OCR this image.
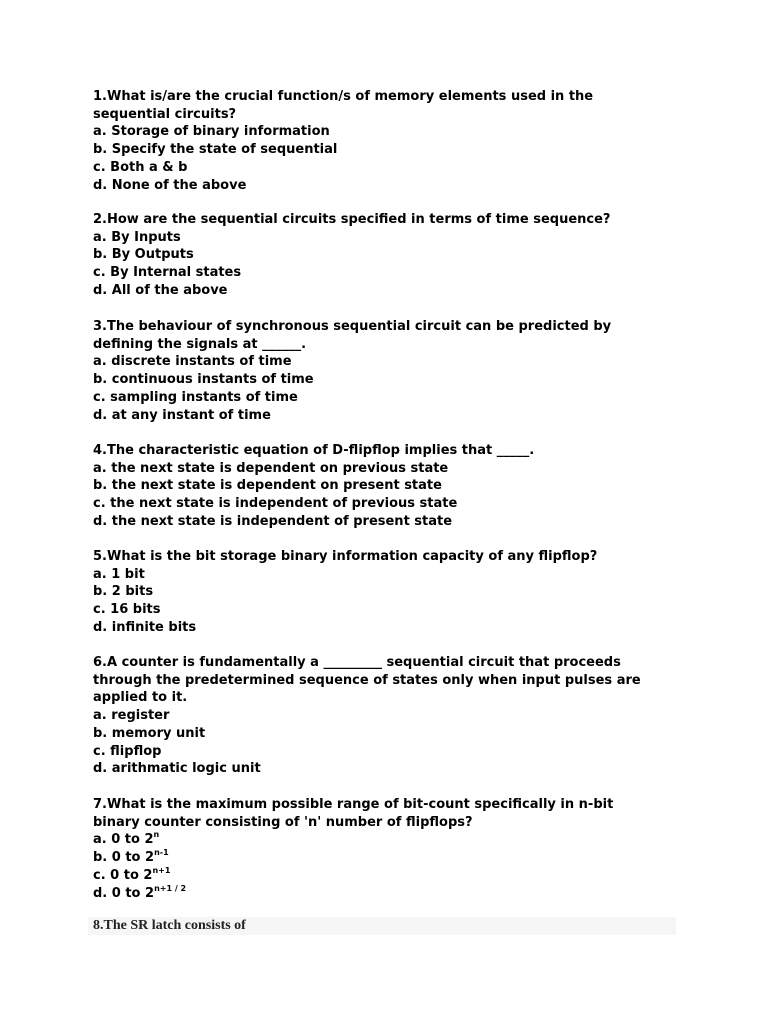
1.What is/are the crucial function/s of memory elements used in the
sequential circuits?
a. Storage of binary information
b. Specify the state of sequential
c. Both a & b
d. None of the above
2.How are the sequential circuits specified in terms of time sequence?
a. By Inputs
b. By Outputs
c. By Internal states
d. All of the above
3.The behaviour of synchronous sequential circuit can be predicted by
defining the signals at ______.
a. discrete instants of time
b. continuous instants of time
c. sampling instants of time
d. at any instant of time
4.The characteristic equation of D-flipflop implies that _____.
a. the next state is dependent on previous state
b. the next state is dependent on present state
c. the next state is independent of previous state
d. the next state is independent of present state
5.What is the bit storage binary information capacity of any flipflop?
a. 1 bit
b. 2 bits
c. 16 bits
d. infinite bits
6.A counter is fundamentally a _________ sequential circuit that proceeds
through the predetermined sequence of states only when input pulses are
applied to it.
a. register
b. memory unit
c. flipflop
d. arithmatic logic unit
7.What is the maximum possible range of bit-count specifically in n-bit
binary counter consisting of 'n' number of flipflops?
a. 0 to 2$^n$
b. 0 to 2$^{n-1}$
c. 0 to $2^{n+1}$
d. 0 to $2^{n+1 / 2}$
8.The SR latch consists of
